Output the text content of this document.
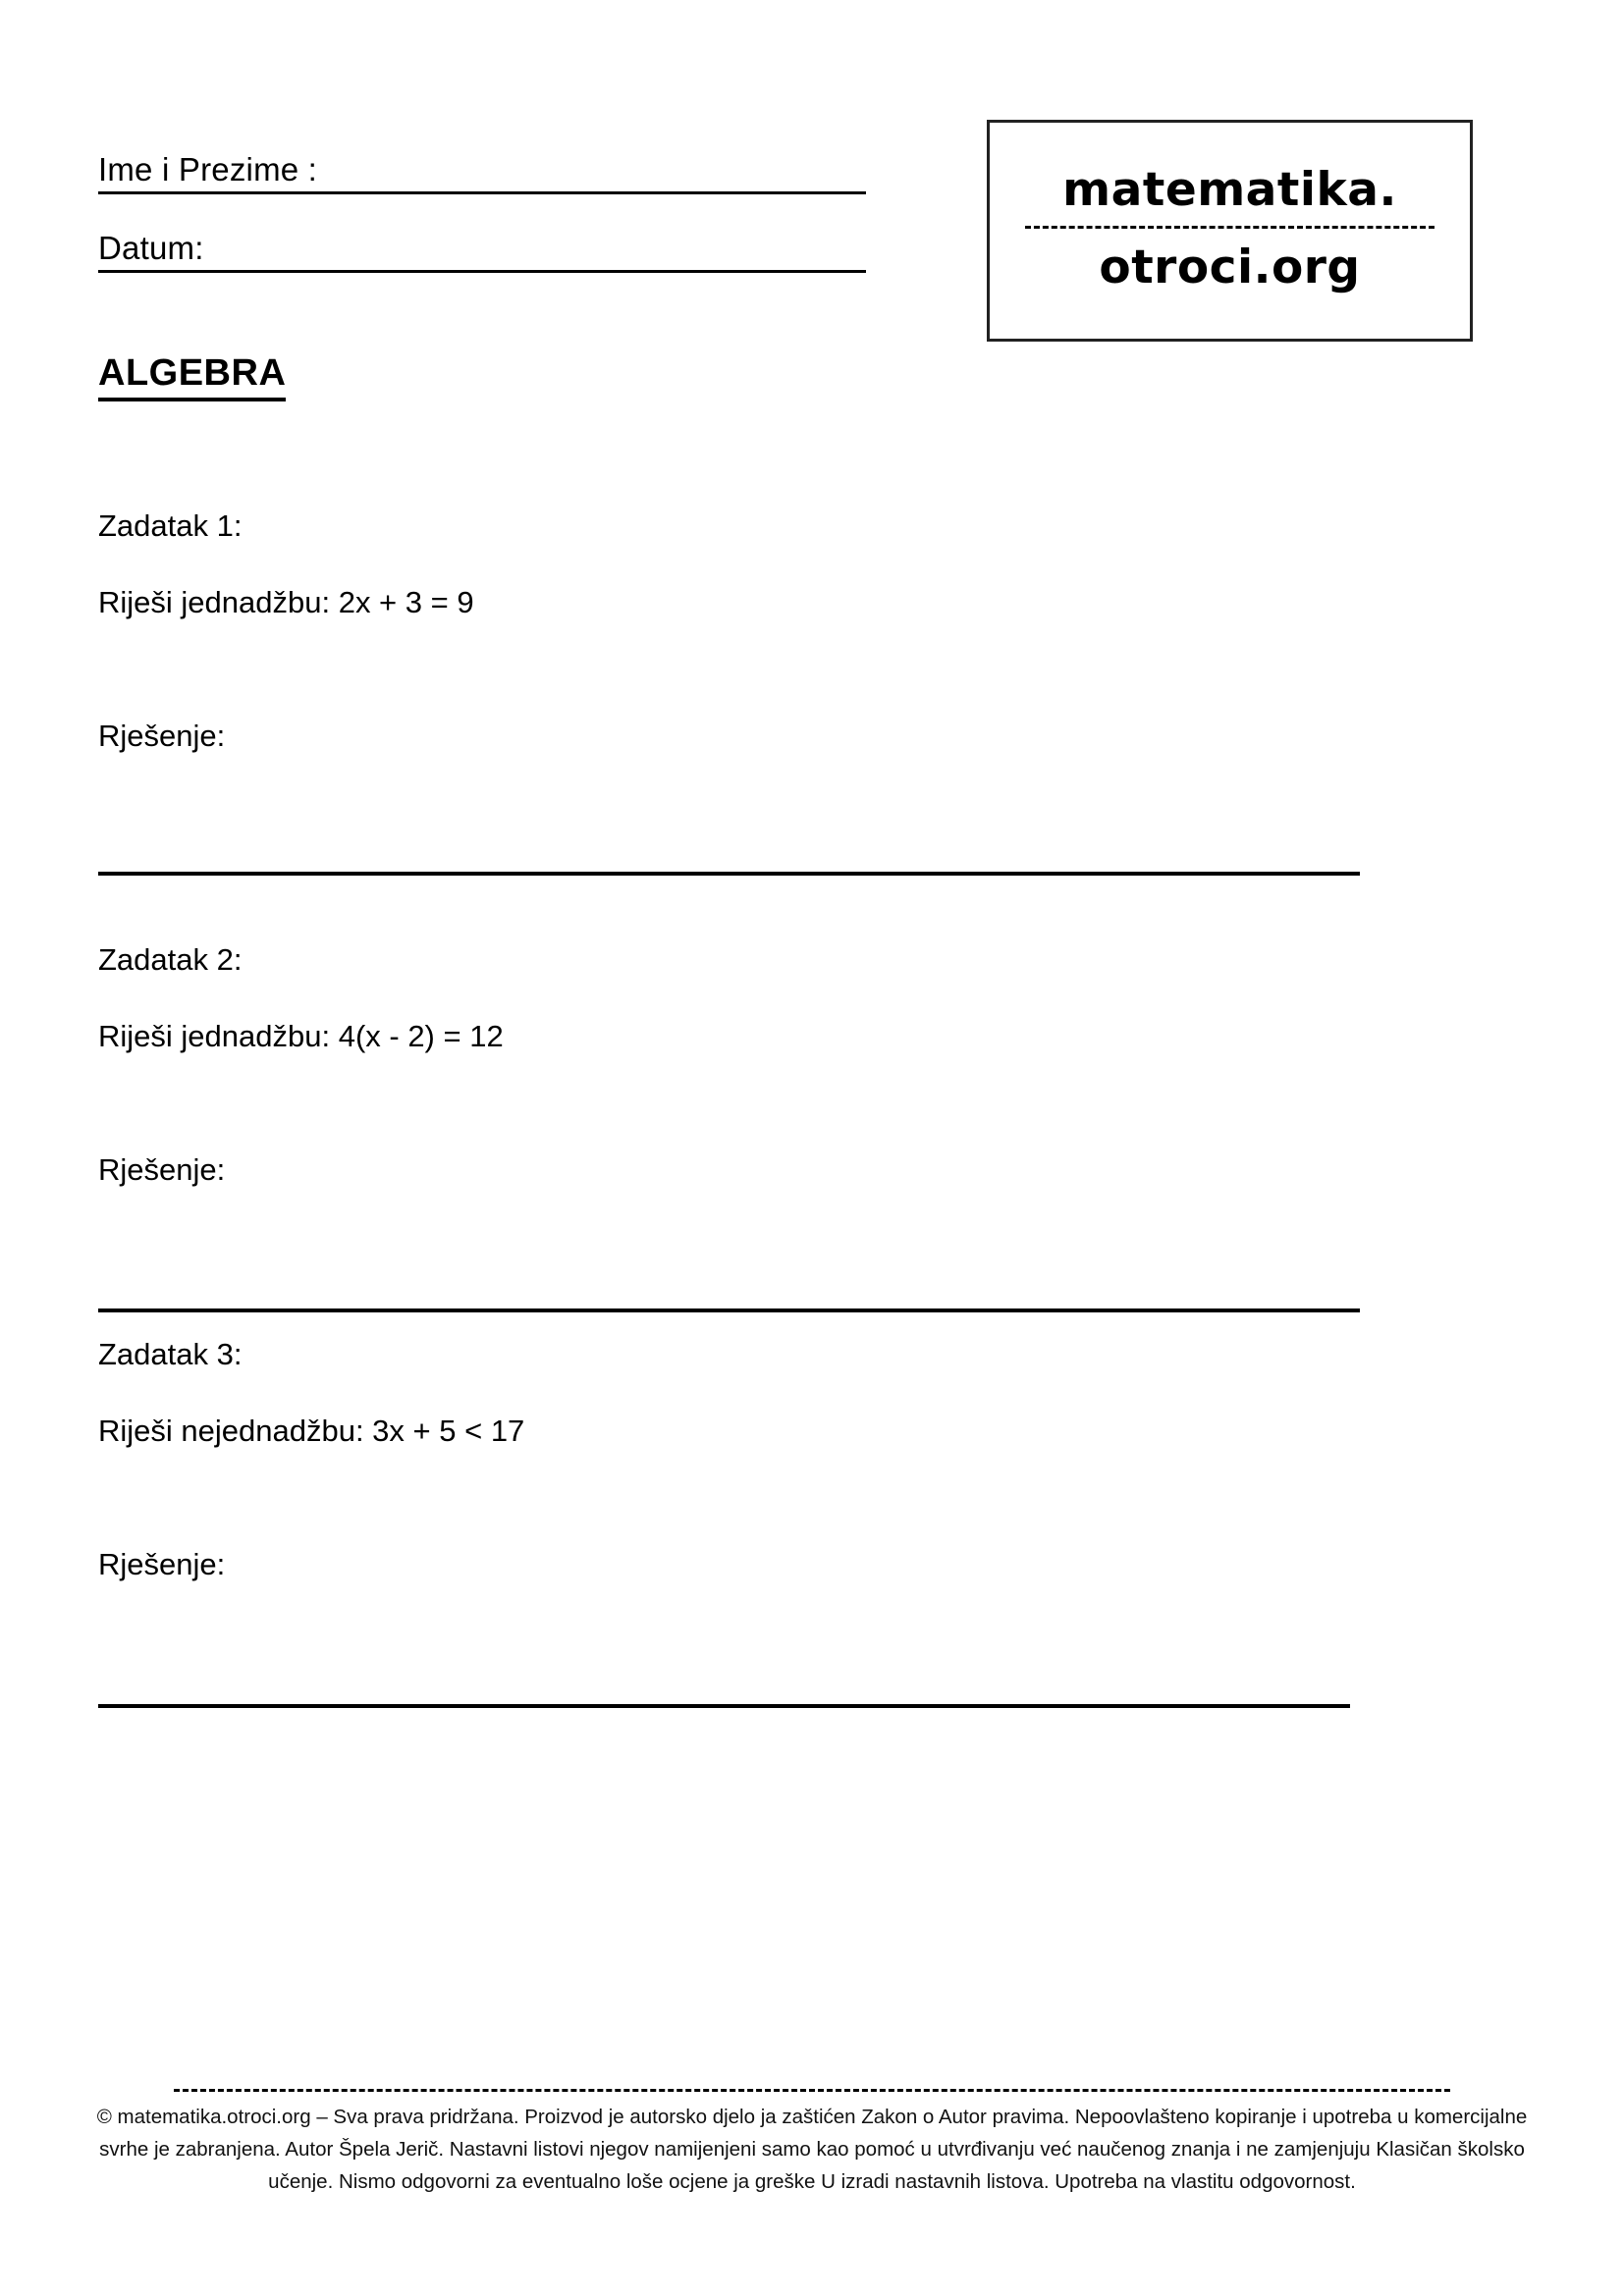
Ime i Prezime :
Datum:
matematika.
otroci.org
ALGEBRA
Zadatak 1:
Riješi jednadžbu: 2x + 3 = 9
Rješenje:
Zadatak 2:
Riješi jednadžbu: 4(x - 2) = 12
Rješenje:
Zadatak 3:
Riješi nejednadžbu: 3x + 5 < 17
Rješenje:
© matematika.otroci.org – Sva prava pridržana. Proizvod je autorsko djelo ja zaštićen Zakon o Autor pravima. Nepoovlašteno kopiranje i upotreba u komercijalne
svrhe je zabranjena. Autor Špela Jerič. Nastavni listovi njegov namijenjeni samo kao pomoć u utvrđivanju već naučenog znanja i ne zamjenjuju Klasičan školsko
učenje. Nismo odgovorni za eventualno loše ocjene ja greške U izradi nastavnih listova. Upotreba na vlastitu odgovornost.
